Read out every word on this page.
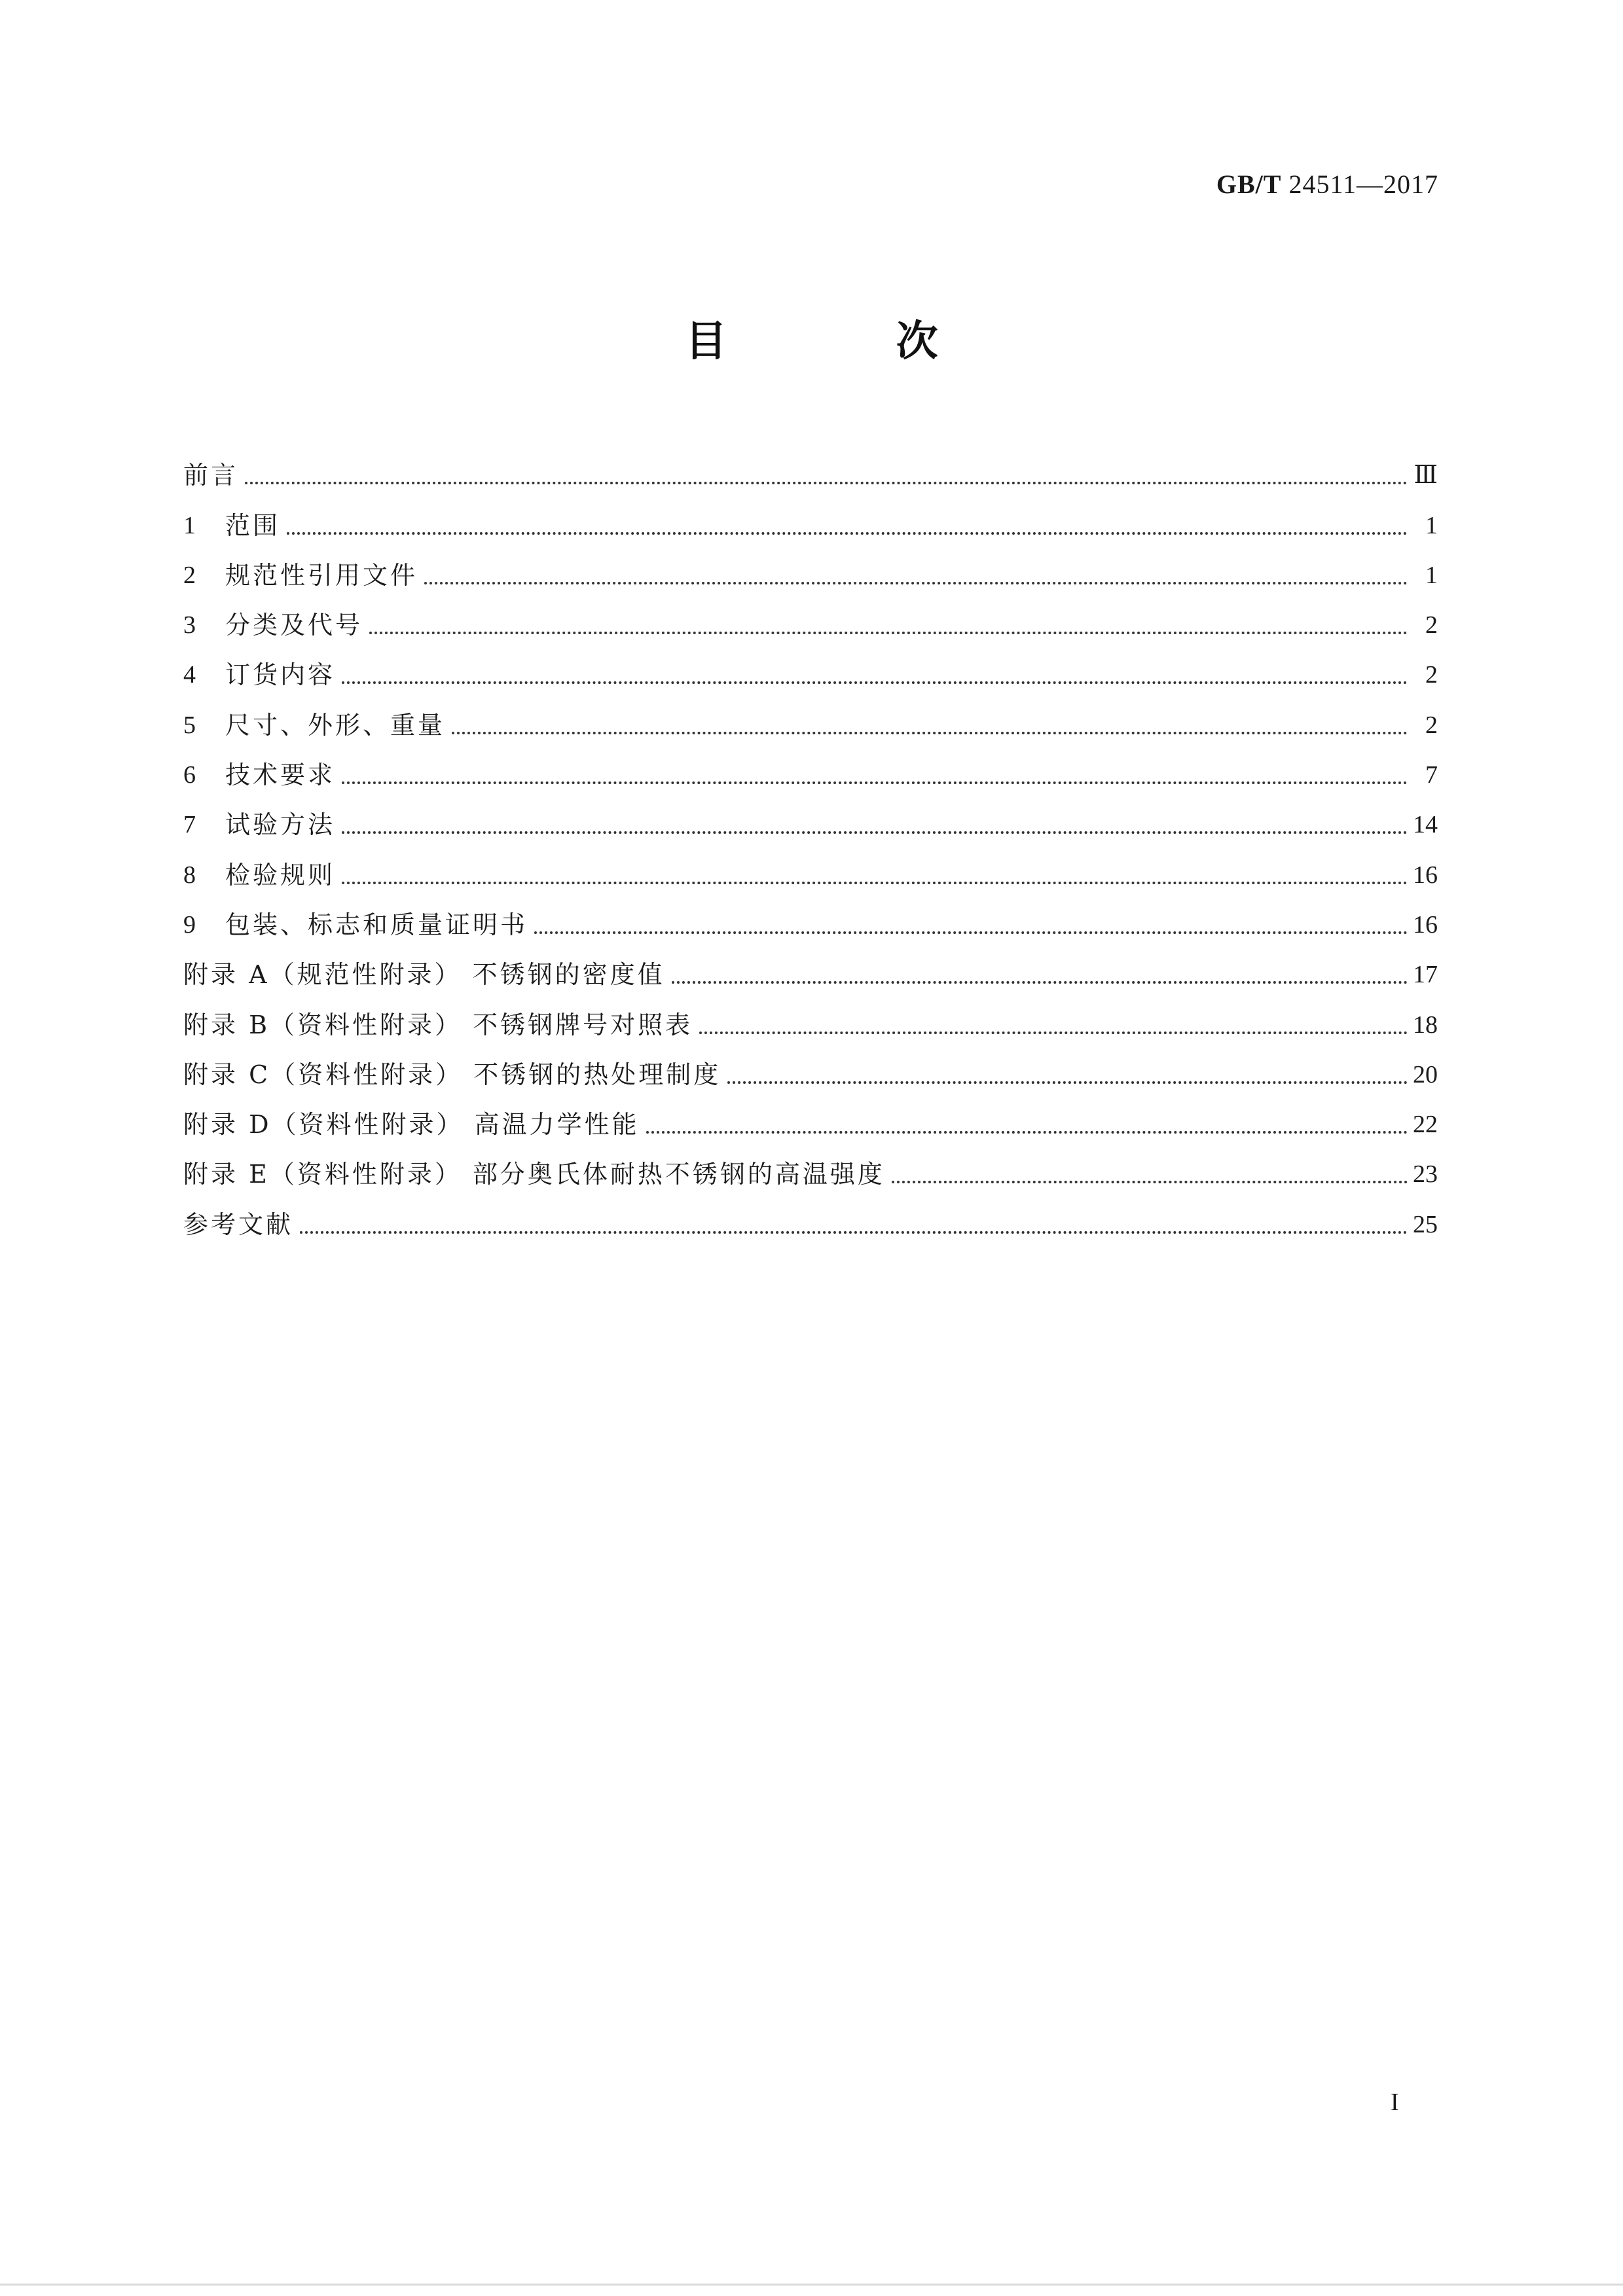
GB/T 24511—2017
目 次
前言	Ⅲ
1	范围	1
2	规范性引用文件	1
3	分类及代号	2
4	订货内容	2
5	尺寸、外形、重量	2
6	技术要求	7
7	试验方法	14
8	检验规则	16
9	包装、标志和质量证明书	16
附录 A（规范性附录） 不锈钢的密度值	17
附录 B（资料性附录） 不锈钢牌号对照表	18
附录 C（资料性附录） 不锈钢的热处理制度	20
附录 D（资料性附录） 高温力学性能	22
附录 E（资料性附录） 部分奥氏体耐热不锈钢的高温强度	23
参考文献	25
I
